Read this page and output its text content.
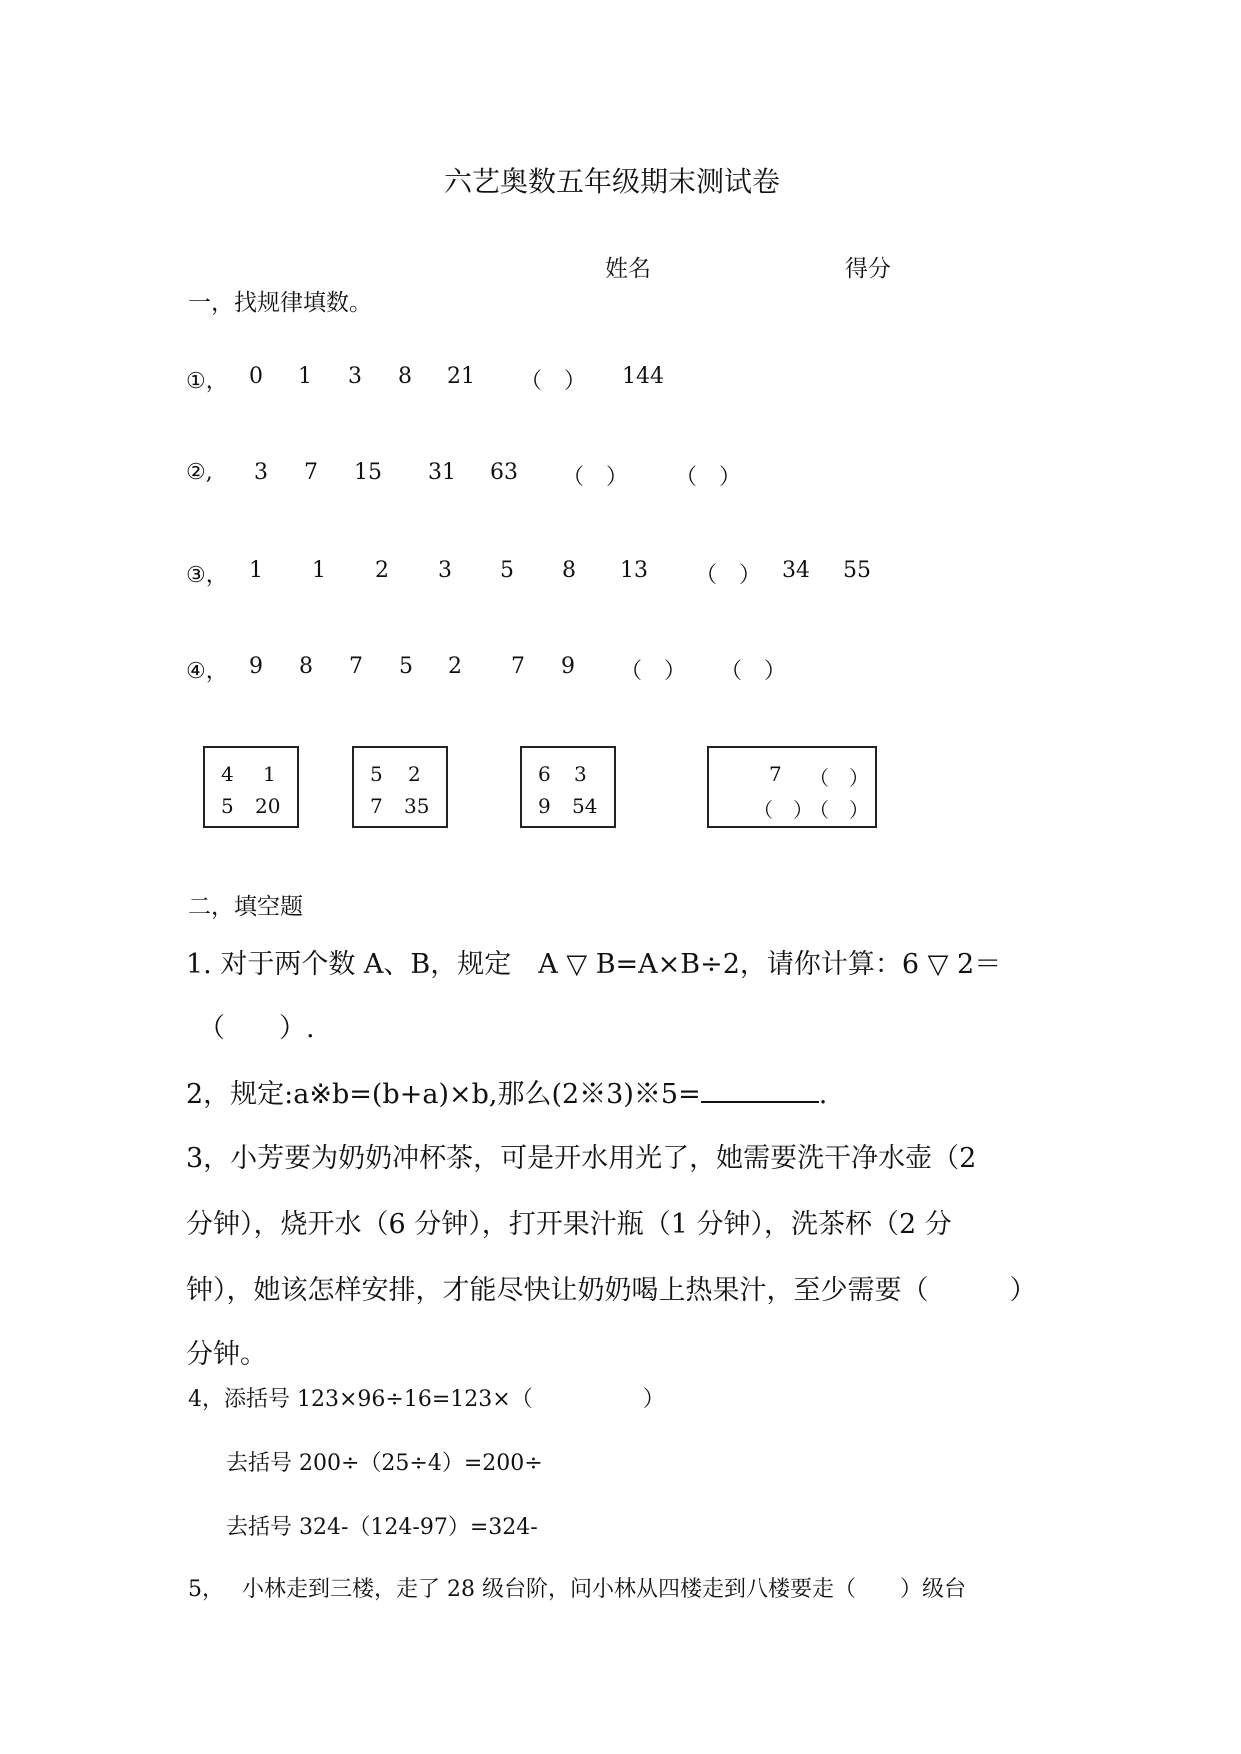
六艺奥数五年级期末测试卷
姓名	得分
一，找规律填数。
①， 0 1 3 8 21 （　） 144
②, 3 7 15 31 63 （　） （　）
③， 1 1 2 3 5 8 13 （　） 34 55
④， 9 8 7 5 2 7 9 （　） （　）
4 1
5 20
5 2
7 35
6 3
9 54
7 （　）
（　）
（　）
二，填空题
1. 对于两个数 A、B，规定　A ▽ B=A×B÷2，请你计算：6 ▽ 2＝
（　　）.
2，规定:a※b=(b+a)×b,那么(2※3)※5=	.
3，小芳要为奶奶冲杯茶，可是开水用光了，她需要洗干净水壶（2
分钟），烧开水（6 分钟），打开果汁瓶（1 分钟），洗茶杯（2 分
钟），她该怎样安排，才能尽快让奶奶喝上热果汁，至少需要（　　　）
分钟。
4，添括号 123×96÷16=123×（　　　　　）
去括号 200÷（25÷4）=200÷
去括号 324-（124-97）=324-
5，　 小林走到三楼，走了 28 级台阶，问小林从四楼走到八楼要走（　　）级台
